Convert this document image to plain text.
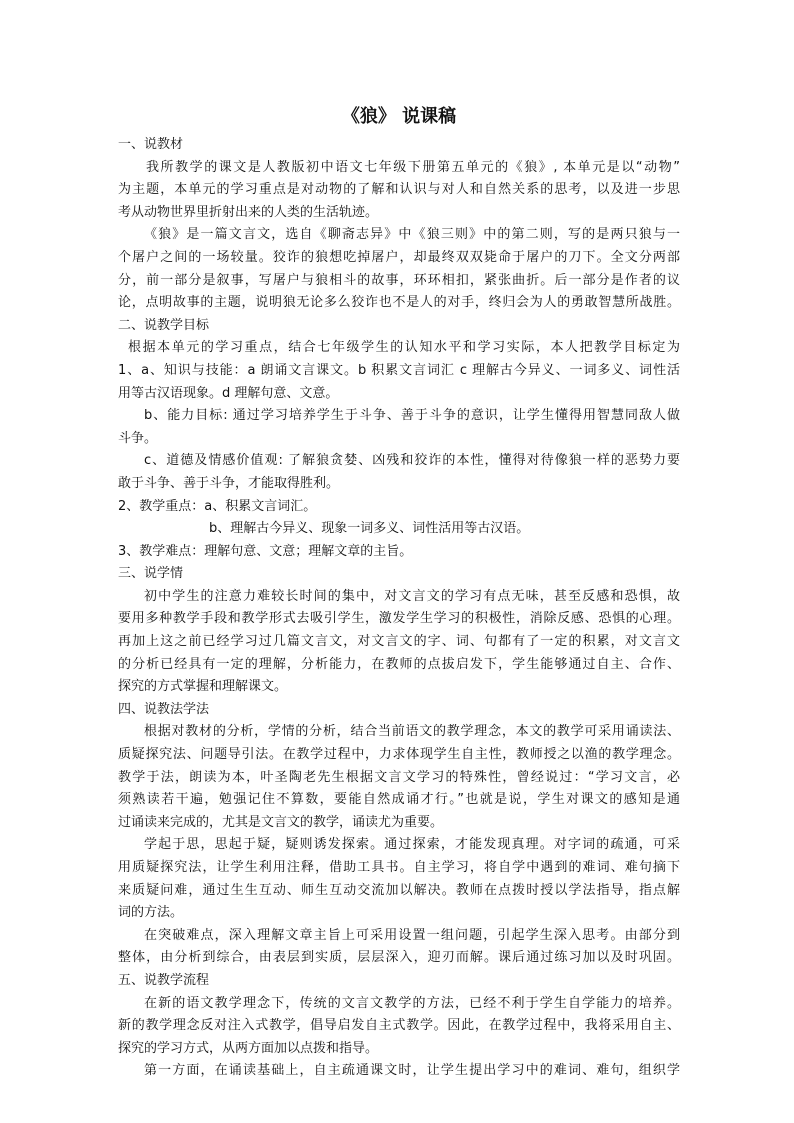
《狼》 说课稿
一、说教材
我所教学的课文是人教版初中语文七年级下册第五单元的《狼》, 本单元是以“动物”
为主题，本单元的学习重点是对动物的了解和认识与对人和自然关系的思考，以及进一步思
考从动物世界里折射出来的人类的生活轨迹。
《狼》是一篇文言文，选自《聊斋志异》中《狼三则》中的第二则，写的是两只狼与一
个屠户之间的一场较量。狡诈的狼想吃掉屠户，却最终双双毙命于屠户的刀下。全文分两部
分，前一部分是叙事，写屠户与狼相斗的故事，环环相扣，紧张曲折。后一部分是作者的议
论，点明故事的主题，说明狼无论多么狡诈也不是人的对手，终归会为人的勇敢智慧所战胜。
二、说教学目标
根据本单元的学习重点，结合七年级学生的认知水平和学习实际，本人把教学目标定为
1、a、知识与技能：a 朗诵文言课文。b 积累文言词汇 c 理解古今异义、一词多义、词性活
用等古汉语现象。d 理解句意、文意。
b、能力目标: 通过学习培养学生于斗争、善于斗争的意识，让学生懂得用智慧同敌人做
斗争。
c、道德及情感价值观: 了解狼贪婪、凶残和狡诈的本性，懂得对待像狼一样的恶势力要
敢于斗争、善于斗争，才能取得胜利。
2、教学重点：a、积累文言词汇。
b、理解古今异义、现象一词多义、词性活用等古汉语。
3、教学难点：理解句意、文意；理解文章的主旨。
三、说学情
初中学生的注意力难较长时间的集中，对文言文的学习有点无味，甚至反感和恐惧，故
要用多种教学手段和教学形式去吸引学生，激发学生学习的积极性，消除反感、恐惧的心理。
再加上这之前已经学习过几篇文言文，对文言文的字、词、句都有了一定的积累，对文言文
的分析已经具有一定的理解，分析能力，在教师的点拔启发下，学生能够通过自主、合作、
探究的方式掌握和理解课文。
四、说教法学法
根据对教材的分析，学情的分析，结合当前语文的教学理念，本文的教学可采用诵读法、
质疑探究法、问题导引法。在教学过程中，力求体现学生自主性，教师授之以渔的教学理念。
教学于法，朗读为本，叶圣陶老先生根据文言文学习的特殊性，曾经说过：“学习文言，必
须熟读若干遍，勉强记住不算数，要能自然成诵才行。”也就是说，学生对课文的感知是通
过诵读来完成的，尤其是文言文的教学，诵读尤为重要。
学起于思，思起于疑，疑则诱发探索。通过探索，才能发现真理。对字词的疏通，可采
用质疑探究法，让学生利用注释，借助工具书。自主学习，将自学中遇到的难词、难句摘下
来质疑问难，通过生生互动、师生互动交流加以解决。教师在点拨时授以学法指导，指点解
词的方法。
在突破难点，深入理解文章主旨上可采用设置一组问题，引起学生深入思考。由部分到
整体，由分析到综合，由表层到实质，层层深入，迎刃而解。课后通过练习加以及时巩固。
五、说教学流程
在新的语文教学理念下，传统的文言文教学的方法，已经不利于学生自学能力的培养。
新的教学理念反对注入式教学，倡导启发自主式教学。因此，在教学过程中，我将采用自主、
探究的学习方式，从两方面加以点拨和指导。
第一方面，在诵读基础上，自主疏通课文时，让学生提出学习中的难词、难句，组织学
